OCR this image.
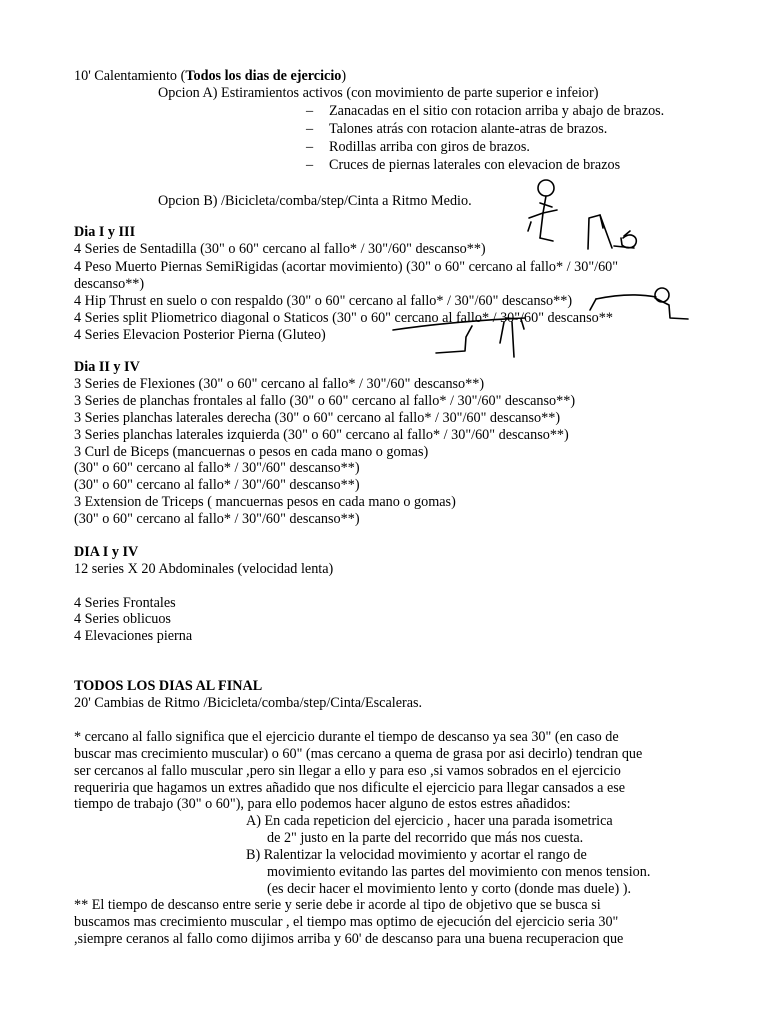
10' Calentamiento (Todos los dias de ejercicio)
Opcion A) Estiramientos activos (con movimiento de parte superior e infeior)
– Zanacadas en el sitio con rotacion arriba y abajo de brazos.
– Talones atrás con rotacion alante-atras de brazos.
– Rodillas arriba con giros de brazos.
– Cruces de piernas laterales con elevacion de brazos
Opcion B) /Bicicleta/comba/step/Cinta a Ritmo Medio.
Dia I y III
4 Series de Sentadilla (30" o 60" cercano al fallo* / 30"/60" descanso**)
4 Peso Muerto Piernas SemiRigidas (acortar movimiento) (30" o 60" cercano al fallo* / 30"/60"
descanso**)
4 Hip Thrust en suelo o con respaldo (30" o 60" cercano al fallo* / 30"/60" descanso**)
4 Series split Pliometrico diagonal o Staticos (30" o 60" cercano al fallo* / 30"/60" descanso**
4 Series Elevacion Posterior Pierna (Gluteo)
Dia II y IV
3 Series de Flexiones (30" o 60" cercano al fallo* / 30"/60" descanso**)
3 Series de planchas frontales al fallo (30" o 60" cercano al fallo* / 30"/60" descanso**)
3 Series planchas laterales derecha (30" o 60" cercano al fallo* / 30"/60" descanso**)
3 Series planchas laterales izquierda (30" o 60" cercano al fallo* / 30"/60" descanso**)
3 Curl de Biceps (mancuernas o pesos en cada mano o gomas)
(30" o 60" cercano al fallo* / 30"/60" descanso**)
(30" o 60" cercano al fallo* / 30"/60" descanso**)
3 Extension de Triceps ( mancuernas pesos en cada mano o gomas)
(30" o 60" cercano al fallo* / 30"/60" descanso**)
DIA I y IV
12 series X 20 Abdominales (velocidad lenta)
4 Series Frontales
4 Series oblicuos
4 Elevaciones pierna
TODOS LOS DIAS AL FINAL
20' Cambias de Ritmo /Bicicleta/comba/step/Cinta/Escaleras.
* cercano al fallo significa que el ejercicio durante el tiempo de descanso ya sea 30" (en caso de
buscar mas crecimiento muscular) o 60" (mas cercano a quema de grasa por asi decirlo) tendran que
ser cercanos al fallo muscular ,pero sin llegar a ello y para eso ,si vamos sobrados en el ejercicio
requeriria que hagamos un extres añadido que nos dificulte el ejercicio para llegar cansados a ese
tiempo de trabajo (30" o 60"), para ello podemos hacer alguno de estos estres añadidos:
A) En cada repeticion del ejercicio , hacer una parada isometrica
de 2" justo en la parte del recorrido que más nos cuesta.
B) Ralentizar la velocidad movimiento y acortar el rango de
movimiento evitando las partes del movimiento con menos tension.
(es decir hacer el movimiento lento y corto (donde mas duele) ).
** El tiempo de descanso entre serie y serie debe ir acorde al tipo de objetivo que se busca si
buscamos mas crecimiento muscular , el tiempo mas optimo de ejecución del ejercicio seria 30"
,siempre ceranos al fallo como dijimos arriba y 60' de descanso para una buena recuperacion que
